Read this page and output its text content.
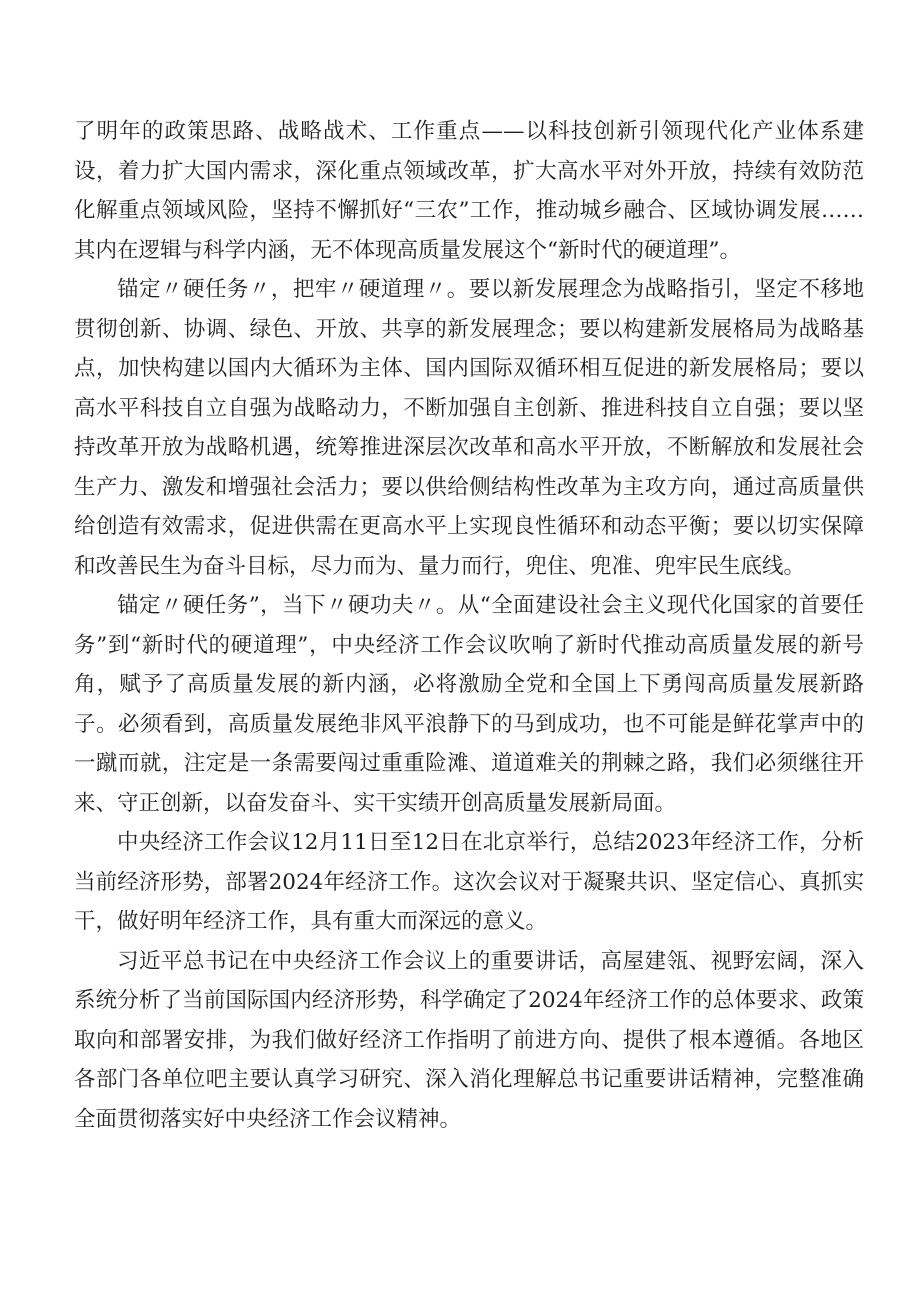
了明年的政策思路、战略战术、工作重点——以科技创新引领现代化产业体系建设，着力扩大国内需求，深化重点领域改革，扩大高水平对外开放，持续有效防范化解重点领域风险，坚持不懈抓好“三农”工作，推动城乡融合、区域协调发展……其内在逻辑与科学内涵，无不体现高质量发展这个“新时代的硬道理”。

锚定〃硬任务〃，把牢〃硬道理〃。要以新发展理念为战略指引，坚定不移地贯彻创新、协调、绿色、开放、共享的新发展理念；要以构建新发展格局为战略基点，加快构建以国内大循环为主体、国内国际双循环相互促进的新发展格局；要以高水平科技自立自强为战略动力，不断加强自主创新、推进科技自立自强；要以坚持改革开放为战略机遇，统筹推进深层次改革和高水平开放，不断解放和发展社会生产力、激发和增强社会活力；要以供给侧结构性改革为主攻方向，通过高质量供给创造有效需求，促进供需在更高水平上实现良性循环和动态平衡；要以切实保障和改善民生为奋斗目标，尽力而为、量力而行，兜住、兜准、兜牢民生底线。

锚定〃硬任务”，当下〃硬功夫〃。从“全面建设社会主义现代化国家的首要任务”到“新时代的硬道理”，中央经济工作会议吹响了新时代推动高质量发展的新号角，赋予了高质量发展的新内涵，必将激励全党和全国上下勇闯高质量发展新路子。必须看到，高质量发展绝非风平浪静下的马到成功，也不可能是鲜花掌声中的一蹴而就，注定是一条需要闯过重重险滩、道道难关的荆棘之路，我们必须继往开来、守正创新，以奋发奋斗、实干实绩开创高质量发展新局面。

中央经济工作会议12月11日至12日在北京举行，总结2023年经济工作，分析当前经济形势，部署2024年经济工作。这次会议对于凝聚共识、坚定信心、真抓实干，做好明年经济工作，具有重大而深远的意义。

习近平总书记在中央经济工作会议上的重要讲话，高屋建瓴、视野宏阔，深入系统分析了当前国际国内经济形势，科学确定了2024年经济工作的总体要求、政策取向和部署安排，为我们做好经济工作指明了前进方向、提供了根本遵循。各地区各部门各单位吧主要认真学习研究、深入消化理解总书记重要讲话精神，完整准确全面贯彻落实好中央经济工作会议精神。
